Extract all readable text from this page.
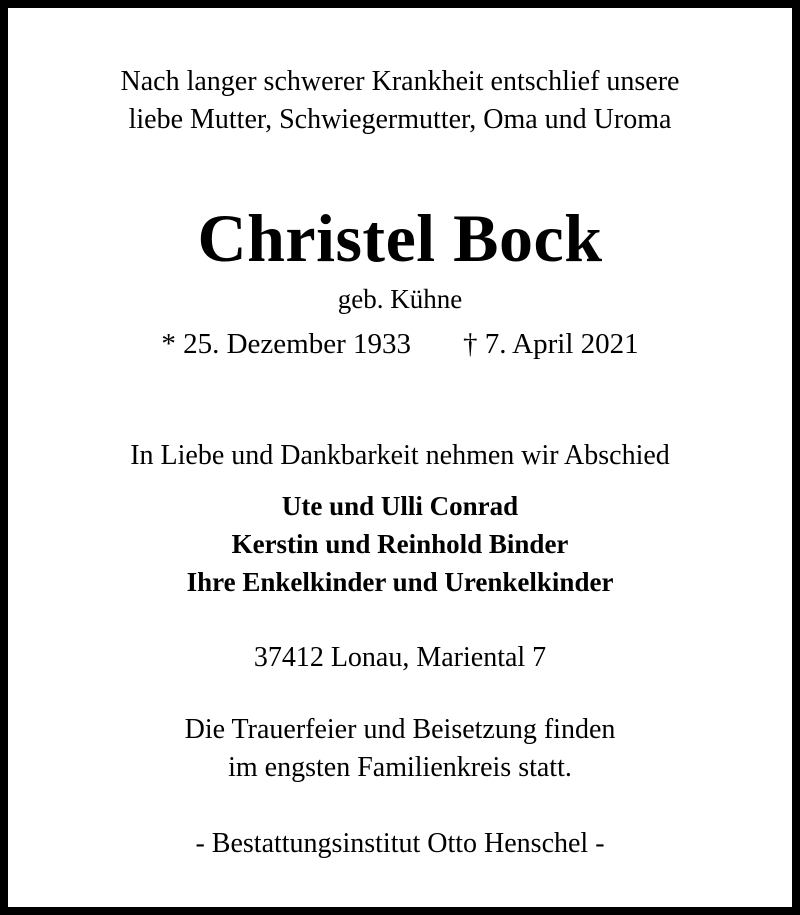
Nach langer schwerer Krankheit entschlief unsere
liebe Mutter, Schwiegermutter, Oma und Uroma
Christel Bock
geb. Kühne
* 25. Dezember 1933 † 7. April 2021
In Liebe und Dankbarkeit nehmen wir Abschied
Ute und Ulli Conrad
Kerstin und Reinhold Binder
Ihre Enkelkinder und Urenkelkinder
37412 Lonau, Mariental 7
Die Trauerfeier und Beisetzung finden
im engsten Familienkreis statt.
- Bestattungsinstitut Otto Henschel -
